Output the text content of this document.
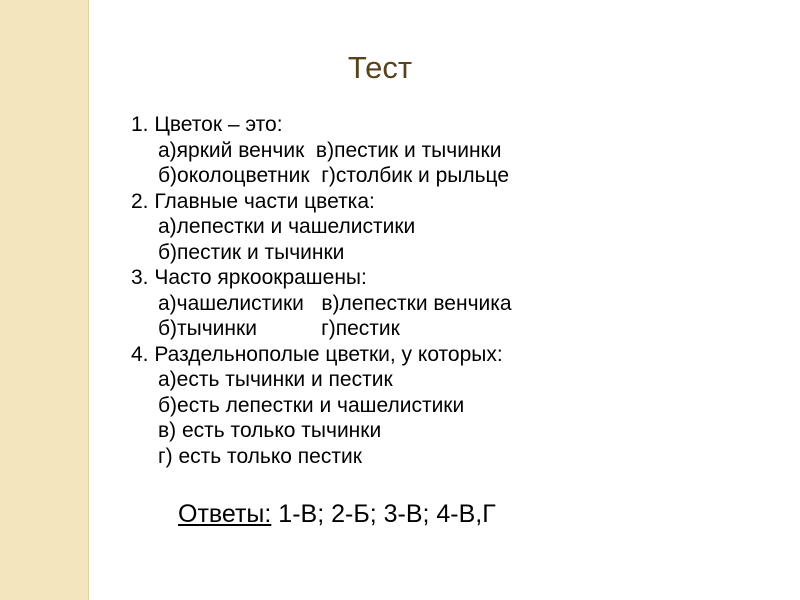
Тест
1. Цветок – это:
а)яркий венчик  в)пестик и тычинки
б)околоцветник  г)столбик и рыльце
2. Главные части цветка:
а)лепестки и чашелистики
б)пестик и тычинки
3. Часто яркоокрашены:
а)чашелистики   в)лепестки венчика
б)тычинки           г)пестик
4. Раздельнополые цветки, у которых:
а)есть тычинки и пестик
б)есть лепестки и чашелистики
в) есть только тычинки
г) есть только пестик
Ответы: 1-В; 2-Б; 3-В; 4-В,Г
